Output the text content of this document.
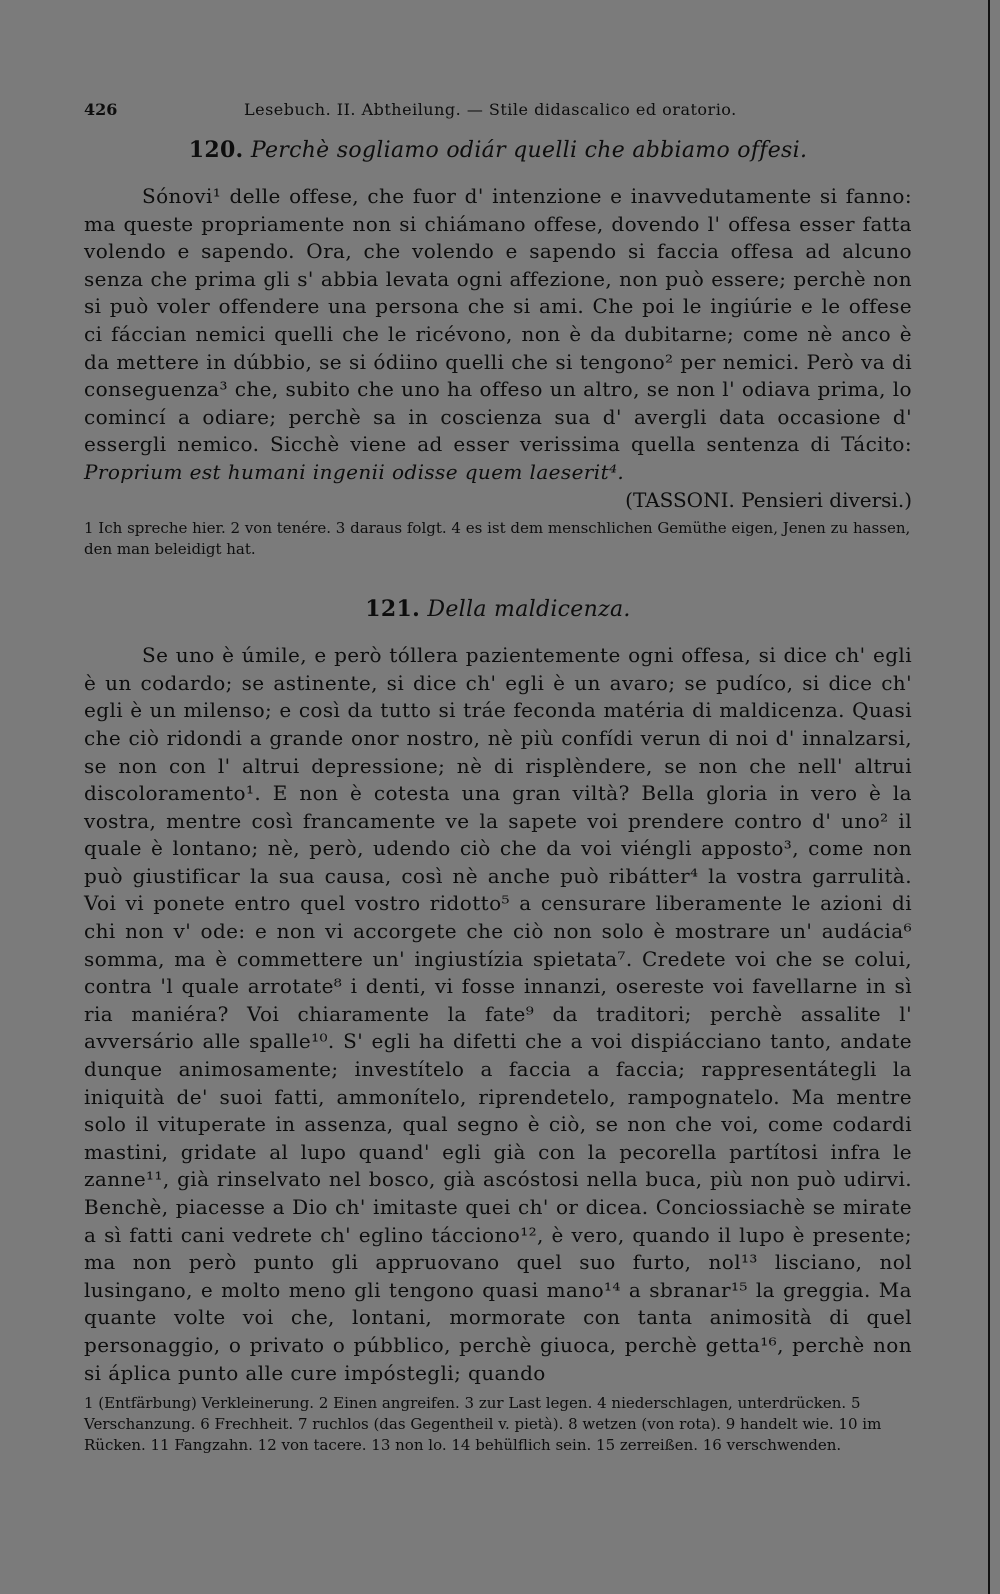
426	Lesebuch. II. Abtheilung. — Stile didascalico ed oratorio.
120. Perchè sogliamo odiár quelli che abbiamo offesi.

Sónovi¹ delle offese, che fuor d' intenzione e inavvedutamente si fanno: ma queste propriamente non si chiámano offese, dovendo l' offesa esser fatta volendo e sapendo. Ora, che volendo e sapendo si faccia offesa ad alcuno senza che prima gli s' abbia levata ogni affezione, non può essere; perchè non si può voler offendere una persona che si ami. Che poi le ingiúrie e le offese ci fáccian nemici quelli che le ricévono, non è da dubitarne; come nè anco è da mettere in dúbbio, se si ódiino quelli che si tengono² per nemici. Però va di conseguenza³ che, subito che uno ha offeso un altro, se non l' odiava prima, lo comincí a odiare; perchè sa in coscienza sua d' avergli data occasione d' essergli nemico. Sicchè viene ad esser verissima quella sentenza di Tácito: Proprium est humani ingenii odisse quem laeserit⁴.

(TASSONI. Pensieri diversi.)

1 Ich spreche hier. 2 von tenére. 3 daraus folgt. 4 es ist dem menschlichen Gemüthe eigen, Jenen zu hassen, den man beleidigt hat.

121. Della maldicenza.

Se uno è úmile, e però tóllera pazientemente ogni offesa, si dice ch' egli è un codardo; se astinente, si dice ch' egli è un avaro; se pudíco, si dice ch' egli è un milenso; e così da tutto si tráe feconda matéria di maldicenza. Quasi che ciò ridondi a grande onor nostro, nè più confídi verun di noi d' innalzarsi, se non con l' altrui depressione; nè di risplèndere, se non che nell' altrui discoloramento¹. E non è cotesta una gran viltà? Bella gloria in vero è la vostra, mentre così francamente ve la sapete voi prendere contro d' uno² il quale è lontano; nè, però, udendo ciò che da voi viéngli apposto³, come non può giustificar la sua causa, così nè anche può ribátter⁴ la vostra garrulità. Voi vi ponete entro quel vostro ridotto⁵ a censurare liberamente le azioni di chi non v' ode: e non vi accorgete che ciò non solo è mostrare un' audácia⁶ somma, ma è commettere un' ingiustízia spietata⁷. Credete voi che se colui, contra 'l quale arrotate⁸ i denti, vi fosse innanzi, osereste voi favellarne in sì ria maniéra? Voi chiaramente la fate⁹ da traditori; perchè assalite l' avversário alle spalle¹⁰. S' egli ha difetti che a voi dispiácciano tanto, andate dunque animosamente; investítelo a faccia a faccia; rappresentátegli la iniquità de' suoi fatti, ammonítelo, riprendetelo, rampognatelo. Ma mentre solo il vituperate in assenza, qual segno è ciò, se non che voi, come codardi mastini, gridate al lupo quand' egli già con la pecorella partítosi infra le zanne¹¹, già rinselvato nel bosco, già ascóstosi nella buca, più non può udirvi. Benchè, piacesse a Dio ch' imitaste quei ch' or dicea. Conciossiachè se mirate a sì fatti cani vedrete ch' eglino tácciono¹², è vero, quando il lupo è presente; ma non però punto gli appruovano quel suo furto, nol¹³ lisciano, nol lusingano, e molto meno gli tengono quasi mano¹⁴ a sbranar¹⁵ la greggia. Ma quante volte voi che, lontani, mormorate con tanta animosità di quel personaggio, o privato o púbblico, perchè giuoca, perchè getta¹⁶, perchè non si áplica punto alle cure impóstegli; quando

1 (Entfärbung) Verkleinerung. 2 Einen angreifen. 3 zur Last legen. 4 niederschlagen, unterdrücken. 5 Verschanzung. 6 Frechheit. 7 ruchlos (das Gegentheil v. pietà). 8 wetzen (von rota). 9 handelt wie. 10 im Rücken. 11 Fangzahn. 12 von tacere. 13 non lo. 14 behülflich sein. 15 zerreißen. 16 verschwenden.
